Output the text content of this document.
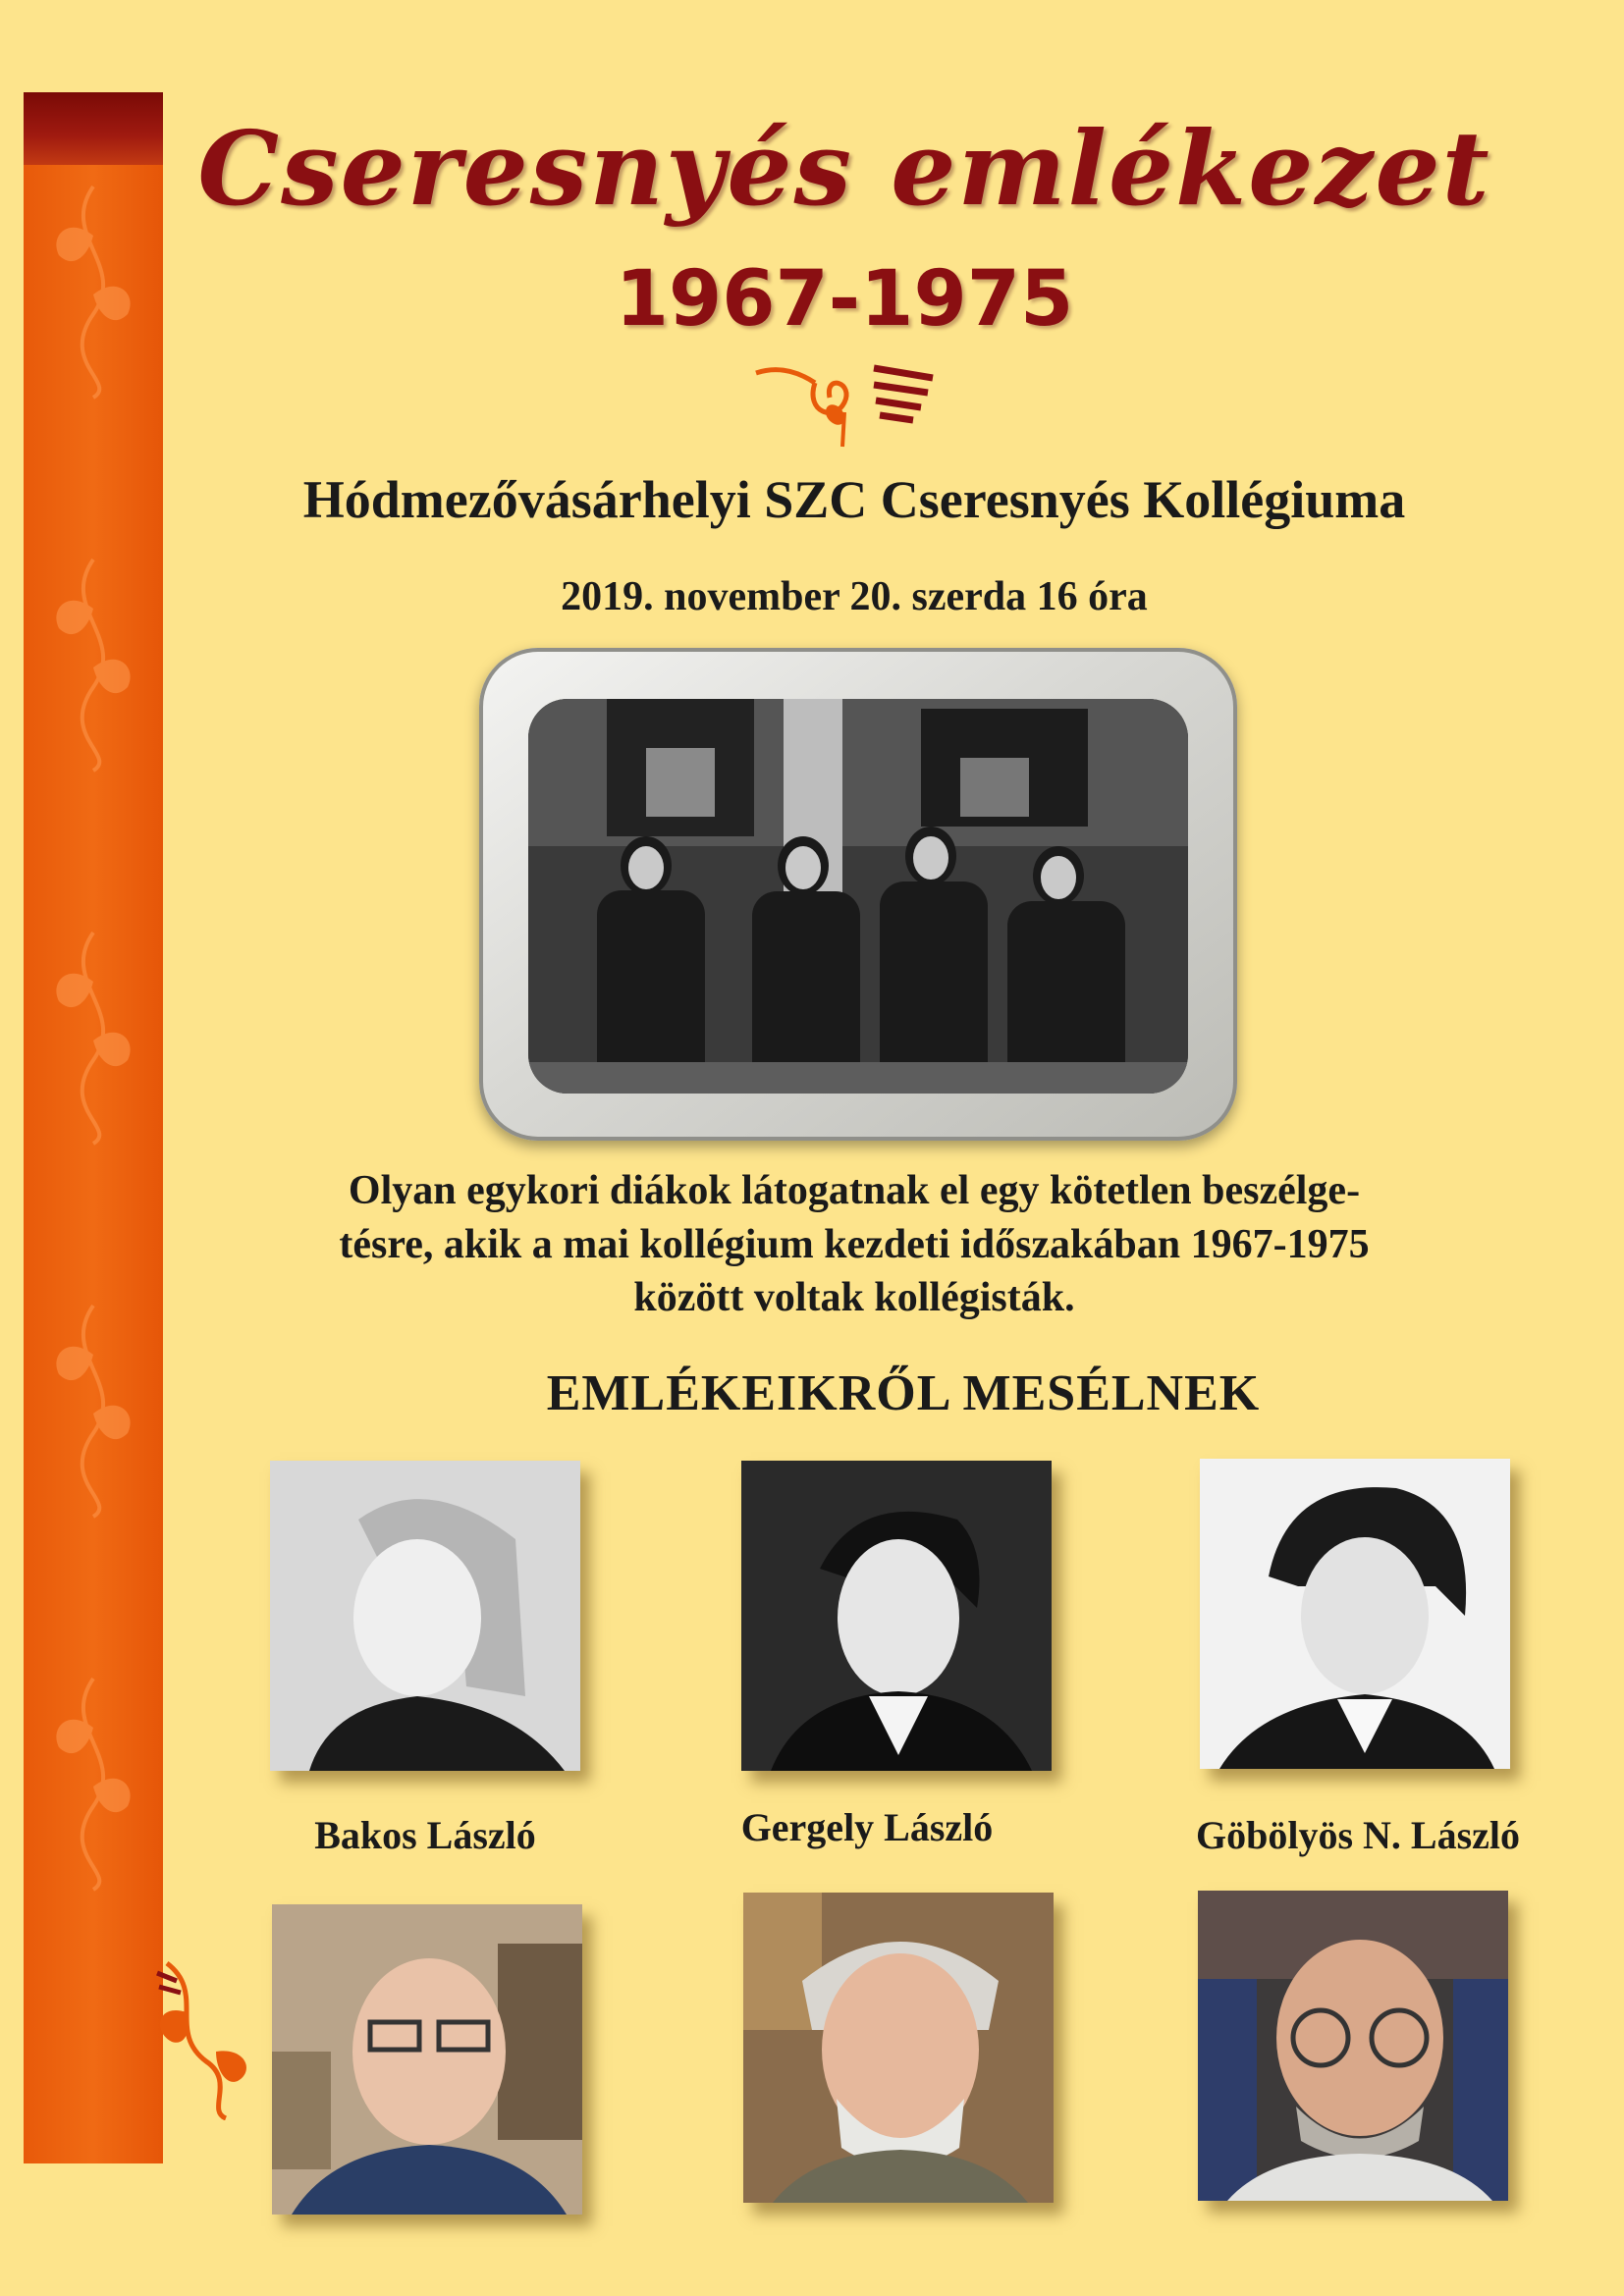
Cseresnyés emlékezet
1967-1975
Hódmezővásárhelyi SZC Cseresnyés Kollégiuma
2019. november 20. szerda 16 óra
Olyan egykori diákok látogatnak el egy kötetlen beszélge-
tésre, akik a mai kollégium kezdeti időszakában 1967-1975
között voltak kollégisták.
EMLÉKEIKRŐL MESÉLNEK
Bakos László	Gergely László	Göbölyös N. László
